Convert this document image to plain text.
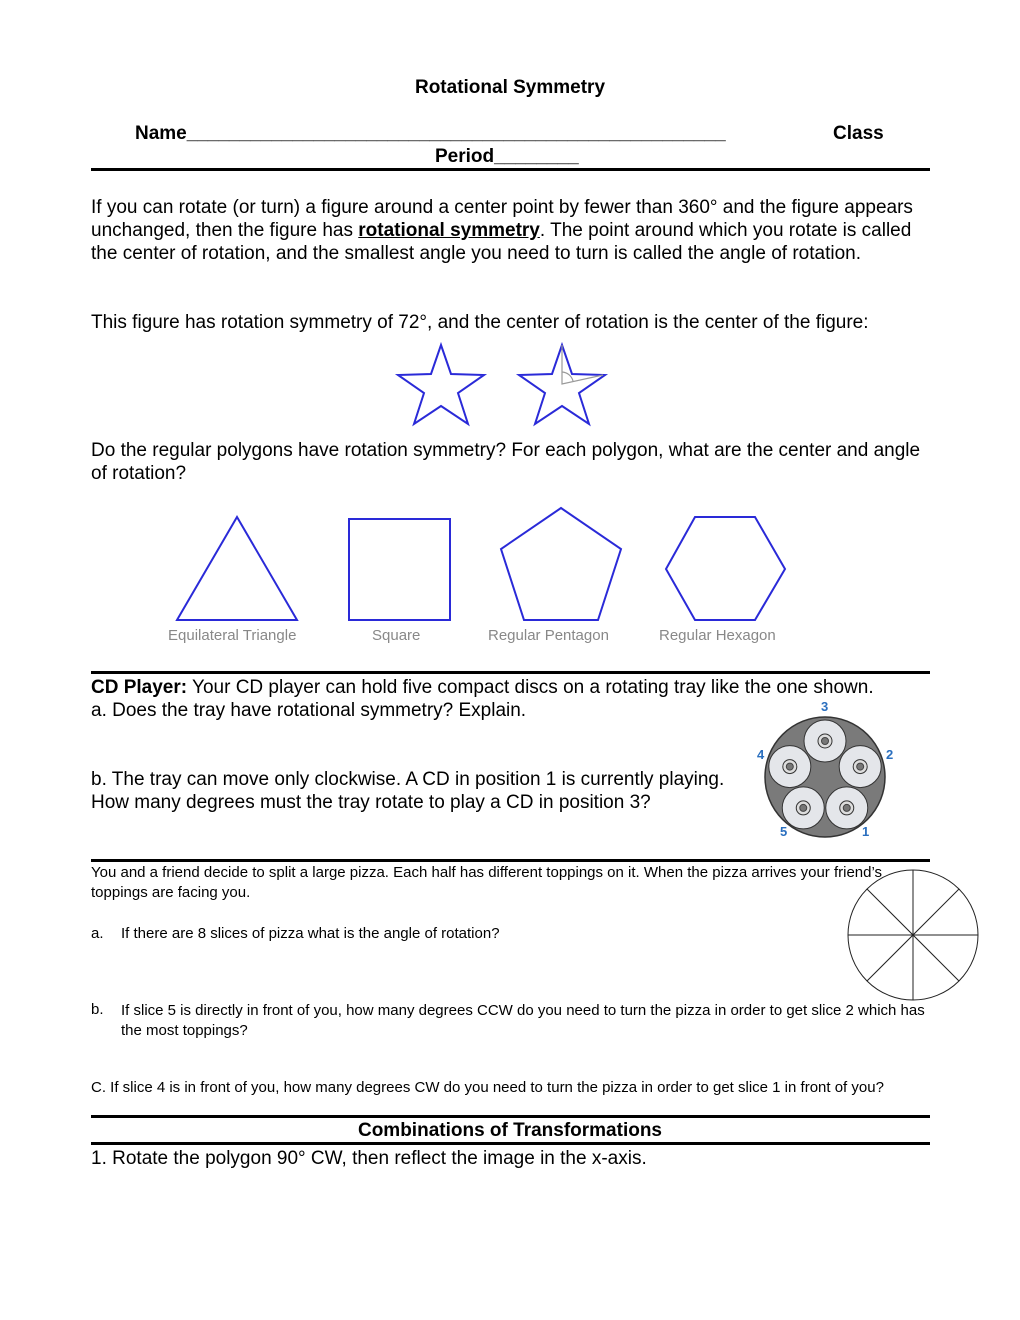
Rotational Symmetry
Name___________________________________________________	Class
Period________
If you can rotate (or turn) a figure around a center point by fewer than 360° and the figure appears unchanged, then the figure has rotational symmetry. The point around which you rotate is called the center of rotation, and the smallest angle you need to turn is called the angle of rotation.
This figure has rotation symmetry of 72°, and the center of rotation is the center of the figure:
Equilateral Triangle	Square	Regular Pentagon	Regular Hexagon
Do the regular polygons have rotation symmetry? For each polygon, what are the center and angle of rotation?
CD Player: Your CD player can hold five compact discs on a rotating tray like the one shown.
a. Does the tray have rotational symmetry? Explain.
b. The tray can move only clockwise. A CD in position 1 is currently playing. How many degrees must the tray rotate to play a CD in position 3?
3
2
4
5	1
You and a friend decide to split a large pizza. Each half has different toppings on it. When the pizza arrives your friend’s toppings are facing you.
a. If there are 8 slices of pizza what is the angle of rotation?
b. If slice 5 is directly in front of you, how many degrees CCW do you need to turn the pizza in order to get slice 2 which has the most toppings?
C. If slice 4 is in front of you, how many degrees CW do you need to turn the pizza in order to get slice 1 in front of you?
Combinations of Transformations
1. Rotate the polygon 90° CW, then reflect the image in the x-axis.
